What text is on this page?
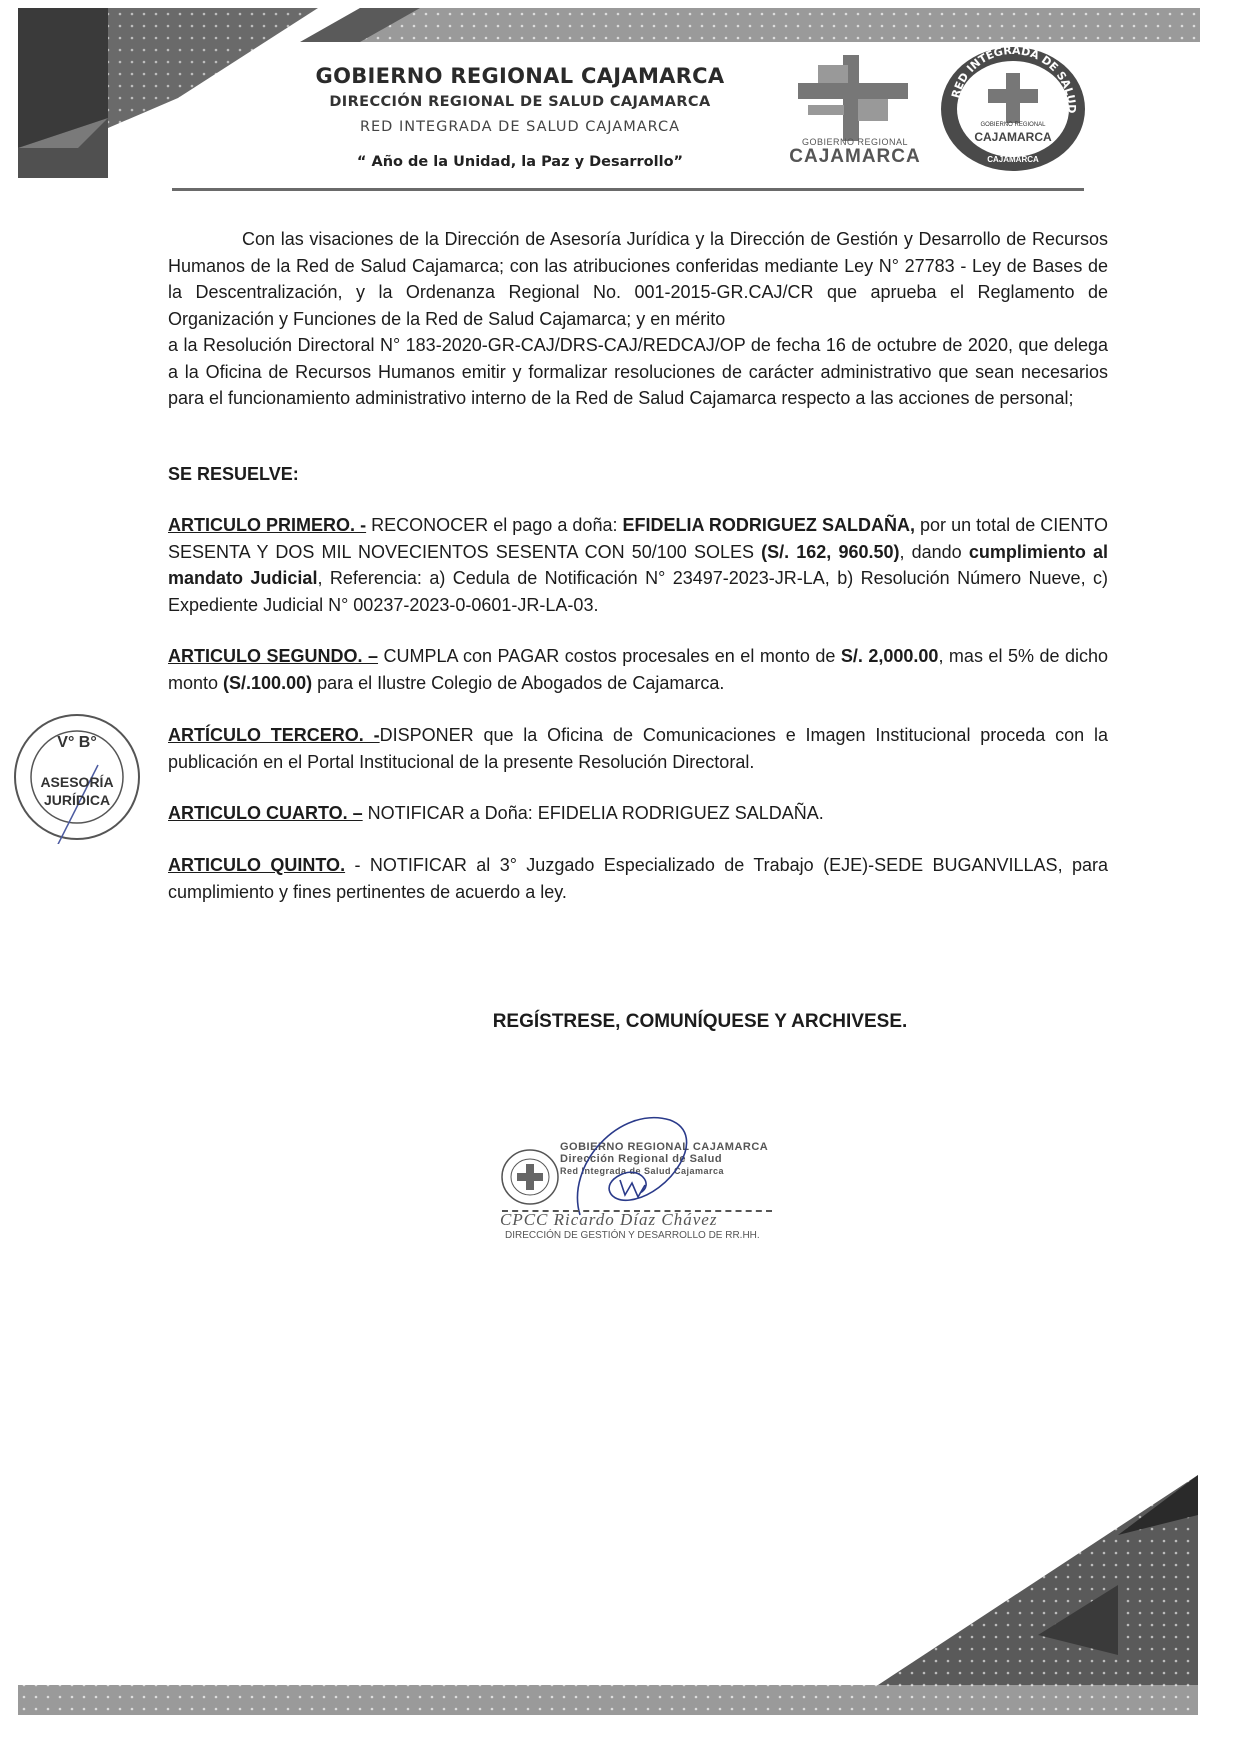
GOBIERNO REGIONAL CAJAMARCA
DIRECCIÓN REGIONAL DE SALUD CAJAMARCA
RED INTEGRADA DE SALUD CAJAMARCA
“ Año de la Unidad, la Paz y Desarrollo”
GOBIERNO REGIONAL
CAJAMARCA
RED INTEGRADA DE SALUD
GOBIERNO REGIONAL
CAJAMARCA
CAJAMARCA

Con las visaciones de la Dirección de Asesoría Jurídica y la Dirección de Gestión y Desarrollo de Recursos Humanos de la Red de Salud Cajamarca; con las atribuciones conferidas mediante Ley N° 27783 - Ley de Bases de la Descentralización, y la Ordenanza Regional No. 001-2015-GR.CAJ/CR que aprueba el Reglamento de Organización y Funciones de la Red de Salud Cajamarca; y en mérito

a la Resolución Directoral N° 183-2020-GR-CAJ/DRS-CAJ/REDCAJ/OP de fecha 16 de octubre de 2020, que delega a la Oficina de Recursos Humanos emitir y formalizar resoluciones de carácter administrativo que sean necesarios para el funcionamiento administrativo interno de la Red de Salud Cajamarca respecto a las acciones de personal;

SE RESUELVE:
ARTICULO PRIMERO. - RECONOCER el pago a doña: EFIDELIA RODRIGUEZ SALDAÑA, por un total de CIENTO SESENTA Y DOS MIL NOVECIENTOS SESENTA CON 50/100 SOLES (S/. 162, 960.50), dando cumplimiento al mandato Judicial, Referencia: a) Cedula de Notificación N° 23497-2023-JR-LA, b) Resolución Número Nueve, c) Expediente Judicial N° 00237-2023-0-0601-JR-LA-03.
ARTICULO SEGUNDO. – CUMPLA con PAGAR costos procesales en el monto de S/. 2,000.00, mas el 5% de dicho monto (S/.100.00) para el Ilustre Colegio de Abogados de Cajamarca.
ARTÍCULO TERCERO. -DISPONER que la Oficina de Comunicaciones e Imagen Institucional proceda con la publicación en el Portal Institucional de la presente Resolución Directoral.
ARTICULO CUARTO. – NOTIFICAR a Doña: EFIDELIA RODRIGUEZ SALDAÑA.
ARTICULO QUINTO. - NOTIFICAR al 3° Juzgado Especializado de Trabajo (EJE)-SEDE BUGANVILLAS, para cumplimiento y fines pertinentes de acuerdo a ley.
REGÍSTRESE, COMUNÍQUESE Y ARCHIVESE.
V° B°
ASESORÍA
JURÍDICA
GOBIERNO REGIONAL CAJAMARCA
Dirección Regional de Salud
Red Integrada de Salud Cajamarca
CPCC Ricardo Díaz Chávez
DIRECCIÓN DE GESTIÓN Y DESARROLLO DE RR.HH.
